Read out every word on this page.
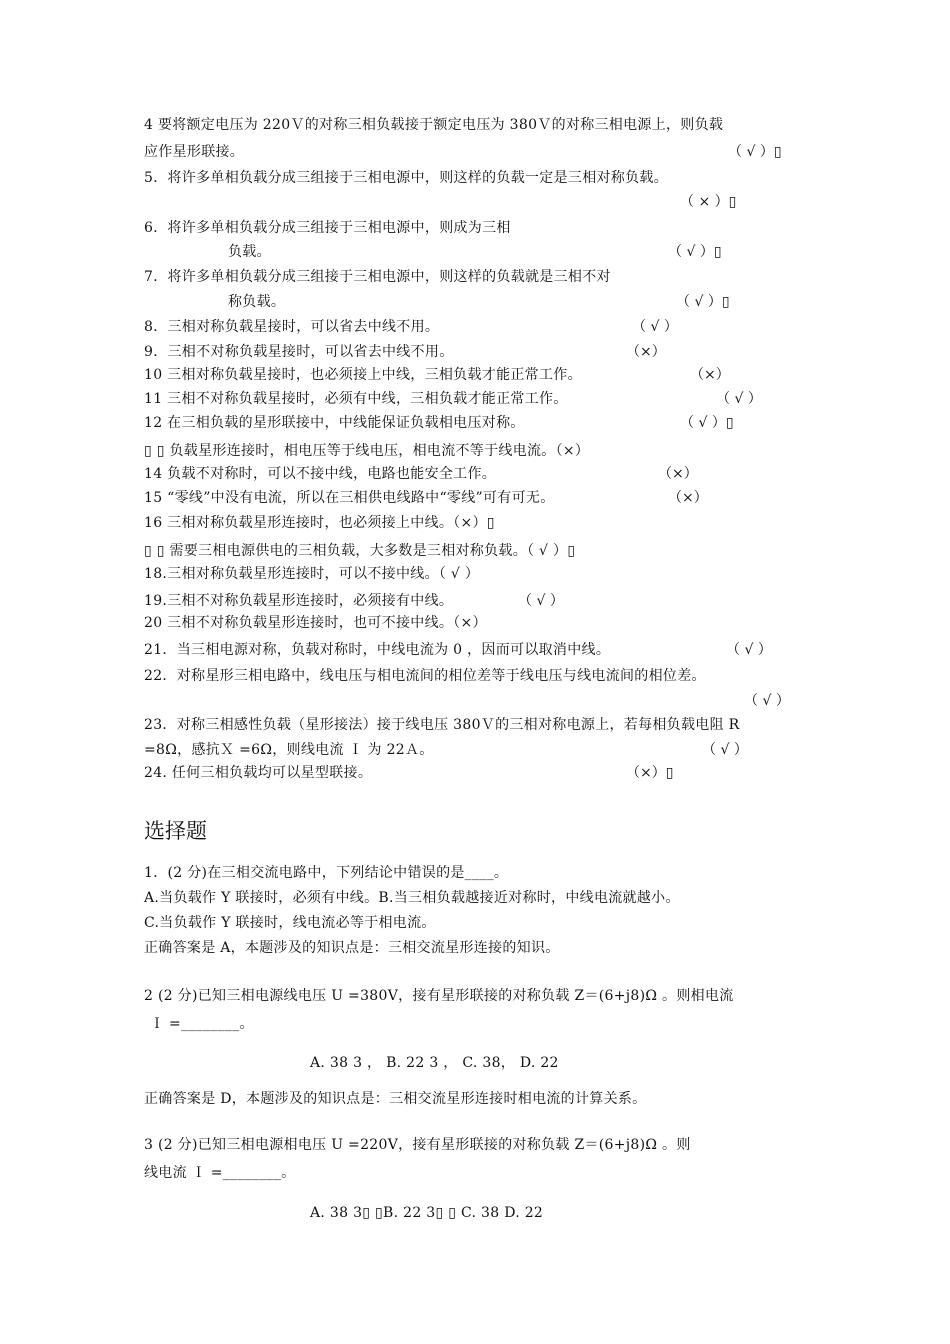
4 要将额定电压为 220Ｖ的对称三相负载接于额定电压为 380Ｖ的对称三相电源上，则负载
应作星形联接。	（ √ ）▯
5．将许多单相负载分成三组接于三相电源中，则这样的负载一定是三相对称负载。
（ × ）▯
6．将许多单相负载分成三组接于三相电源中，则成为三相
负载。	（ √ ）▯
7．将许多单相负载分成三组接于三相电源中，则这样的负载就是三相不对
称负载。	（ √ ）▯
8．三相对称负载星接时，可以省去中线不用。	（ √ ）
9．三相不对称负载星接时，可以省去中线不用。	（×）
10 三相对称负载星接时，也必须接上中线，三相负载才能正常工作。	（×）
11 三相不对称负载星接时，必须有中线，三相负载才能正常工作。	（ √ ）
12 在三相负载的星形联接中，中线能保证负载相电压对称。	（ √ ）▯
▯ ▯ 负载星形连接时，相电压等于线电压，相电流不等于线电流。（×）
14 负载不对称时，可以不接中线，电路也能安全工作。	（×）
15 “零线”中没有电流，所以在三相供电线路中“零线”可有可无。	（×）
16 三相对称负载星形连接时，也必须接上中线。（×）▯
▯ ▯ 需要三相电源供电的三相负载，大多数是三相对称负载。（ √ ）▯
18.三相对称负载星形连接时，可以不接中线。（ √ ）
19.三相不对称负载星形连接时，必须接有中线。	（ √ ）
20 三相不对称负载星形连接时，也可不接中线。（×）
21．当三相电源对称，负载对称时，中线电流为 0 ，因而可以取消中线。	（ √ ）
22．对称星形三相电路中，线电压与相电流间的相位差等于线电压与线电流间的相位差。
（ √ ）
23．对称三相感性负载（星形接法）接于线电压 380Ｖ的三相对称电源上，若每相负载电阻 R
=8Ω，感抗Ｘ =6Ω，则线电流 Ｉ 为 22Ａ。	（ √ ）
24. 任何三相负载均可以星型联接。	（×）▯
选择题
1．(2 分)在三相交流电路中，下列结论中错误的是____。
A.当负载作 Y 联接时，必须有中线。B.当三相负载越接近对称时，中线电流就越小。
C.当负载作 Y 联接时，线电流必等于相电流。
正确答案是 A，本题涉及的知识点是：三相交流星形连接的知识。
2 (2 分)已知三相电源线电压 U =380V，接有星形联接的对称负载 Z＝(6+j8)Ω 。则相电流
Ｉ =________。
A. 38 3 ， B. 22 3 ， C. 38， D. 22
正确答案是 D，本题涉及的知识点是：三相交流星形连接时相电流的计算关系。
3 (2 分)已知三相电源相电压 U =220V，接有星形联接的对称负载 Z＝(6+j8)Ω 。则
线电流 Ｉ =________。
A. 38 3▯ ▯B. 22 3▯ ▯ C. 38 D. 22
